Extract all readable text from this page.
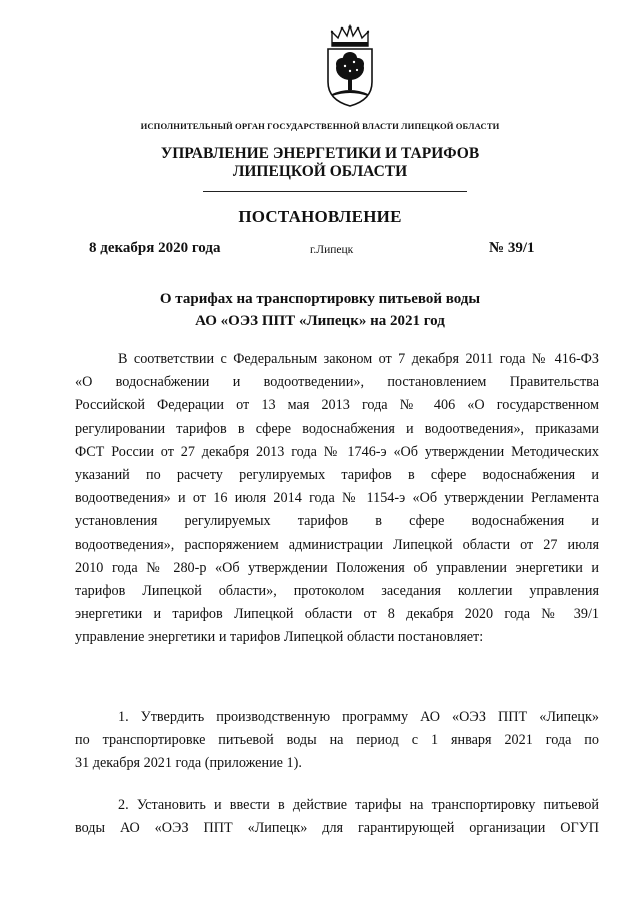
ИСПОЛНИТЕЛЬНЫЙ ОРГАН ГОСУДАРСТВЕННОЙ ВЛАСТИ ЛИПЕЦКОЙ ОБЛАСТИ
УПРАВЛЕНИЕ ЭНЕРГЕТИКИ И ТАРИФОВ
ЛИПЕЦКОЙ ОБЛАСТИ
ПОСТАНОВЛЕНИЕ
8 декабря 2020 года	г.Липецк	№ 39/1
О тарифах на транспортировку питьевой воды
АО «ОЭЗ ППТ «Липецк» на 2021 год
В соответствии с Федеральным законом от 7 декабря 2011 года № 416-ФЗ
«О водоснабжении и водоотведении», постановлением Правительства
Российской Федерации от 13 мая 2013 года № 406 «О государственном
регулировании тарифов в сфере водоснабжения и водоотведения», приказами
ФСТ России от 27 декабря 2013 года № 1746-э «Об утверждении Методических
указаний по расчету регулируемых тарифов в сфере водоснабжения и
водоотведения» и от 16 июля 2014 года № 1154-э «Об утверждении Регламента
установления регулируемых тарифов в сфере водоснабжения и
водоотведения», распоряжением администрации Липецкой области от 27 июля
2010 года № 280-р «Об утверждении Положения об управлении энергетики и
тарифов Липецкой области», протоколом заседания коллегии управления
энергетики и тарифов Липецкой области от 8 декабря 2020 года № 39/1
управление энергетики и тарифов Липецкой области постановляет:
1. Утвердить производственную программу АО «ОЭЗ ППТ «Липецк»
по транспортировке питьевой воды на период с 1 января 2021 года по
31 декабря 2021 года (приложение 1).
2. Установить и ввести в действие тарифы на транспортировку питьевой
воды АО «ОЭЗ ППТ «Липецк» для гарантирующей организации ОГУП
